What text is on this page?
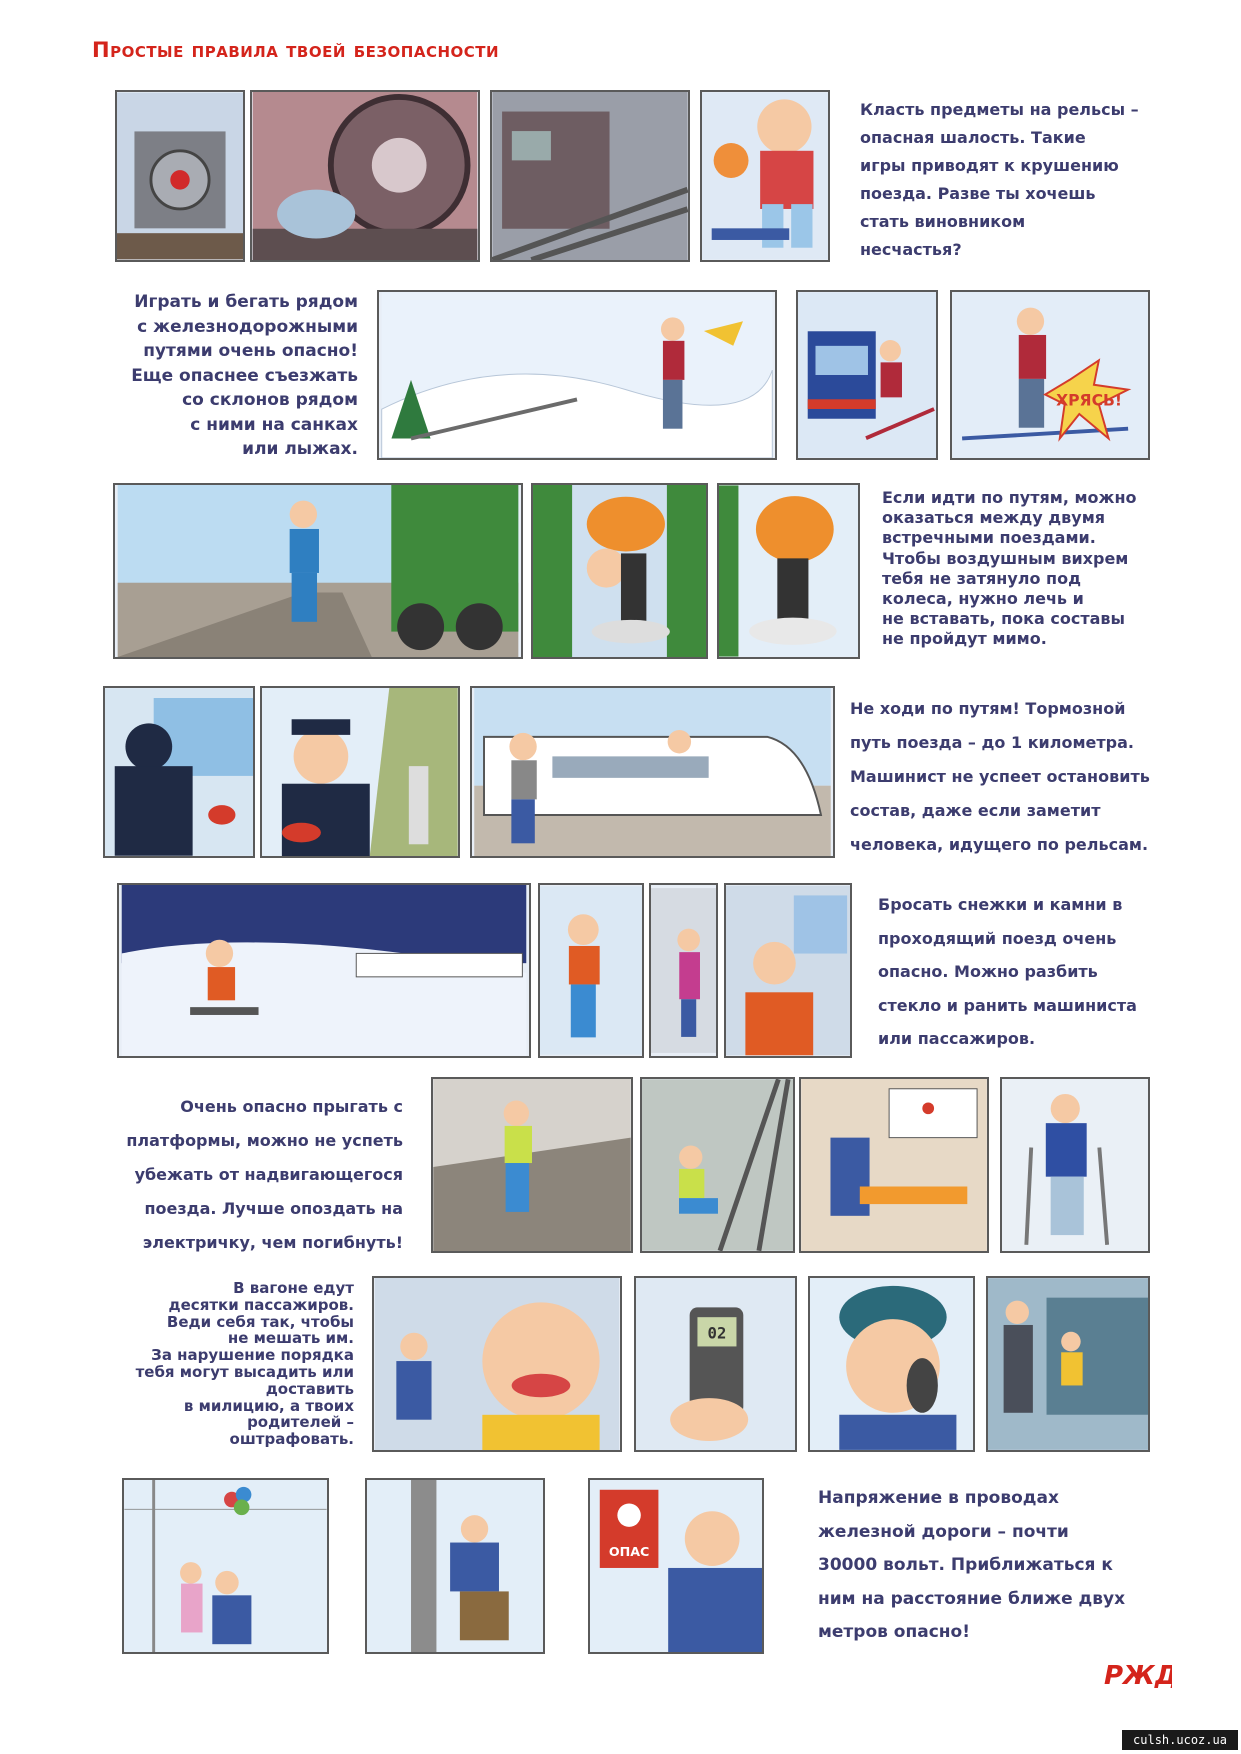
Простые правила твоей безопасности

Класть предметы на рельсы –
опасная шалость. Такие
игры приводят к крушению
поезда. Разве ты хочешь
стать виновником
несчастья?

Играть и бегать рядом
с железнодорожными
путями очень опасно!
Еще опаснее съезжать
со склонов рядом
с ними на санках
или лыжах.

ХРЯСЬ!

Если идти по путям, можно
оказаться между двумя
встречными поездами.
Чтобы воздушным вихрем
тебя не затянуло под
колеса, нужно лечь и
не вставать, пока составы
не пройдут мимо.

Не ходи по путям! Тормозной
путь поезда – до 1 километра.
Машинист не успеет остановить
состав, даже если заметит
человека, идущего по рельсам.

Бросать снежки и камни в
проходящий поезд очень
опасно. Можно разбить
стекло и ранить машиниста
или пассажиров.

Очень опасно прыгать с
платформы, можно не успеть
убежать от надвигающегося
поезда. Лучше опоздать на
электричку, чем погибнуть!

В вагоне едут
десятки пассажиров.
Веди себя так, чтобы
не мешать им.
За нарушение порядка
тебя могут высадить или
доставить
в милицию, а твоих
родителей –
оштрафовать.

02
ОПАС

Напряжение в проводах
железной дороги – почти
30000 вольт. Приближаться к
ним на расстояние ближе двух
метров опасно!

РЖД
culsh.ucoz.ua
